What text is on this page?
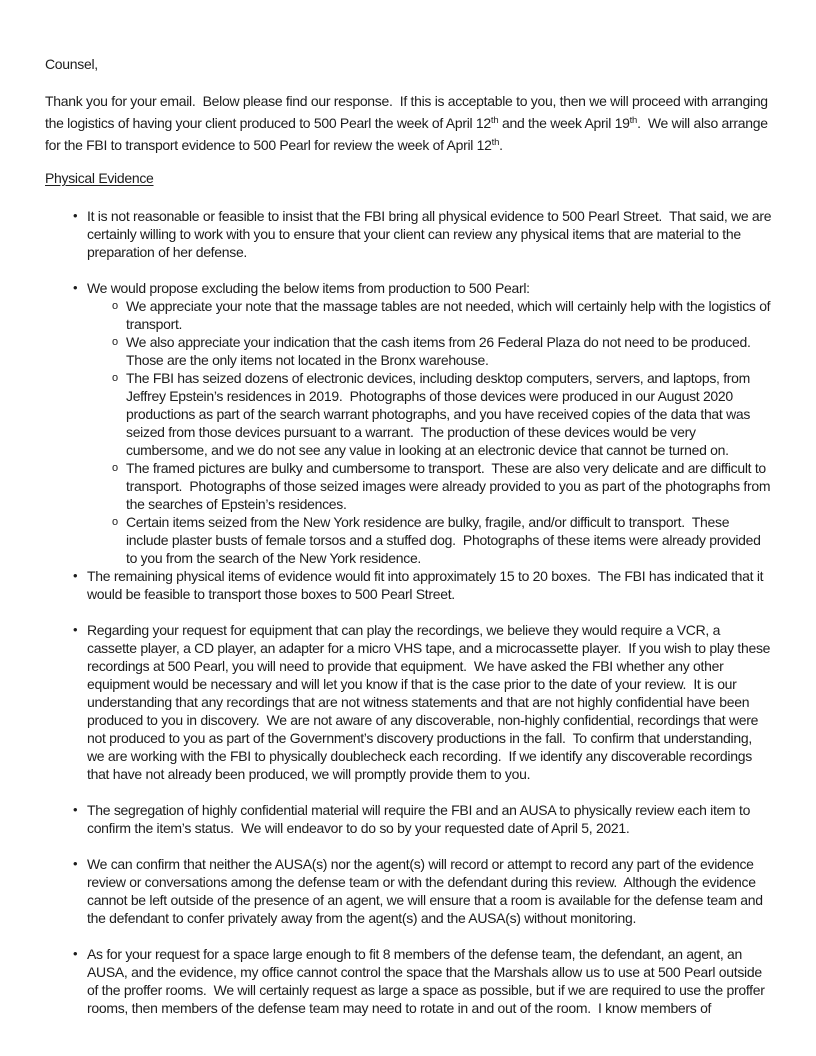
Counsel,

Thank you for your email.  Below please find our response.  If this is acceptable to you, then we will proceed with arranging the logistics of having your client produced to 500 Pearl the week of April 12th and the week April 19th.  We will also arrange for the FBI to transport evidence to 500 Pearl for review the week of April 12th.

Physical Evidence
• It is not reasonable or feasible to insist that the FBI bring all physical evidence to 500 Pearl Street.  That said, we are certainly willing to work with you to ensure that your client can review any physical items that are material to the preparation of her defense.
• We would propose excluding the below items from production to 500 Pearl:
o We appreciate your note that the massage tables are not needed, which will certainly help with the logistics of transport.
o We also appreciate your indication that the cash items from 26 Federal Plaza do not need to be produced.  Those are the only items not located in the Bronx warehouse.
o The FBI has seized dozens of electronic devices, including desktop computers, servers, and laptops, from Jeffrey Epstein’s residences in 2019.  Photographs of those devices were produced in our August 2020 productions as part of the search warrant photographs, and you have received copies of the data that was seized from those devices pursuant to a warrant.  The production of these devices would be very cumbersome, and we do not see any value in looking at an electronic device that cannot be turned on.
o The framed pictures are bulky and cumbersome to transport.  These are also very delicate and are difficult to transport.  Photographs of those seized images were already provided to you as part of the photographs from the searches of Epstein’s residences.
o Certain items seized from the New York residence are bulky, fragile, and/or difficult to transport.  These include plaster busts of female torsos and a stuffed dog.  Photographs of these items were already provided to you from the search of the New York residence.
• The remaining physical items of evidence would fit into approximately 15 to 20 boxes.  The FBI has indicated that it would be feasible to transport those boxes to 500 Pearl Street.
• Regarding your request for equipment that can play the recordings, we believe they would require a VCR, a cassette player, a CD player, an adapter for a micro VHS tape, and a microcassette player.  If you wish to play these recordings at 500 Pearl, you will need to provide that equipment.  We have asked the FBI whether any other equipment would be necessary and will let you know if that is the case prior to the date of your review.  It is our understanding that any recordings that are not witness statements and that are not highly confidential have been produced to you in discovery.  We are not aware of any discoverable, non-highly confidential, recordings that were not produced to you as part of the Government’s discovery productions in the fall.  To confirm that understanding, we are working with the FBI to physically doublecheck each recording.  If we identify any discoverable recordings that have not already been produced, we will promptly provide them to you.
• The segregation of highly confidential material will require the FBI and an AUSA to physically review each item to confirm the item’s status.  We will endeavor to do so by your requested date of April 5, 2021.
• We can confirm that neither the AUSA(s) nor the agent(s) will record or attempt to record any part of the evidence review or conversations among the defense team or with the defendant during this review.  Although the evidence cannot be left outside of the presence of an agent, we will ensure that a room is available for the defense team and the defendant to confer privately away from the agent(s) and the AUSA(s) without monitoring.
• As for your request for a space large enough to fit 8 members of the defense team, the defendant, an agent, an AUSA, and the evidence, my office cannot control the space that the Marshals allow us to use at 500 Pearl outside of the proffer rooms.  We will certainly request as large a space as possible, but if we are required to use the proffer rooms, then members of the defense team may need to rotate in and out of the room.  I know members of
